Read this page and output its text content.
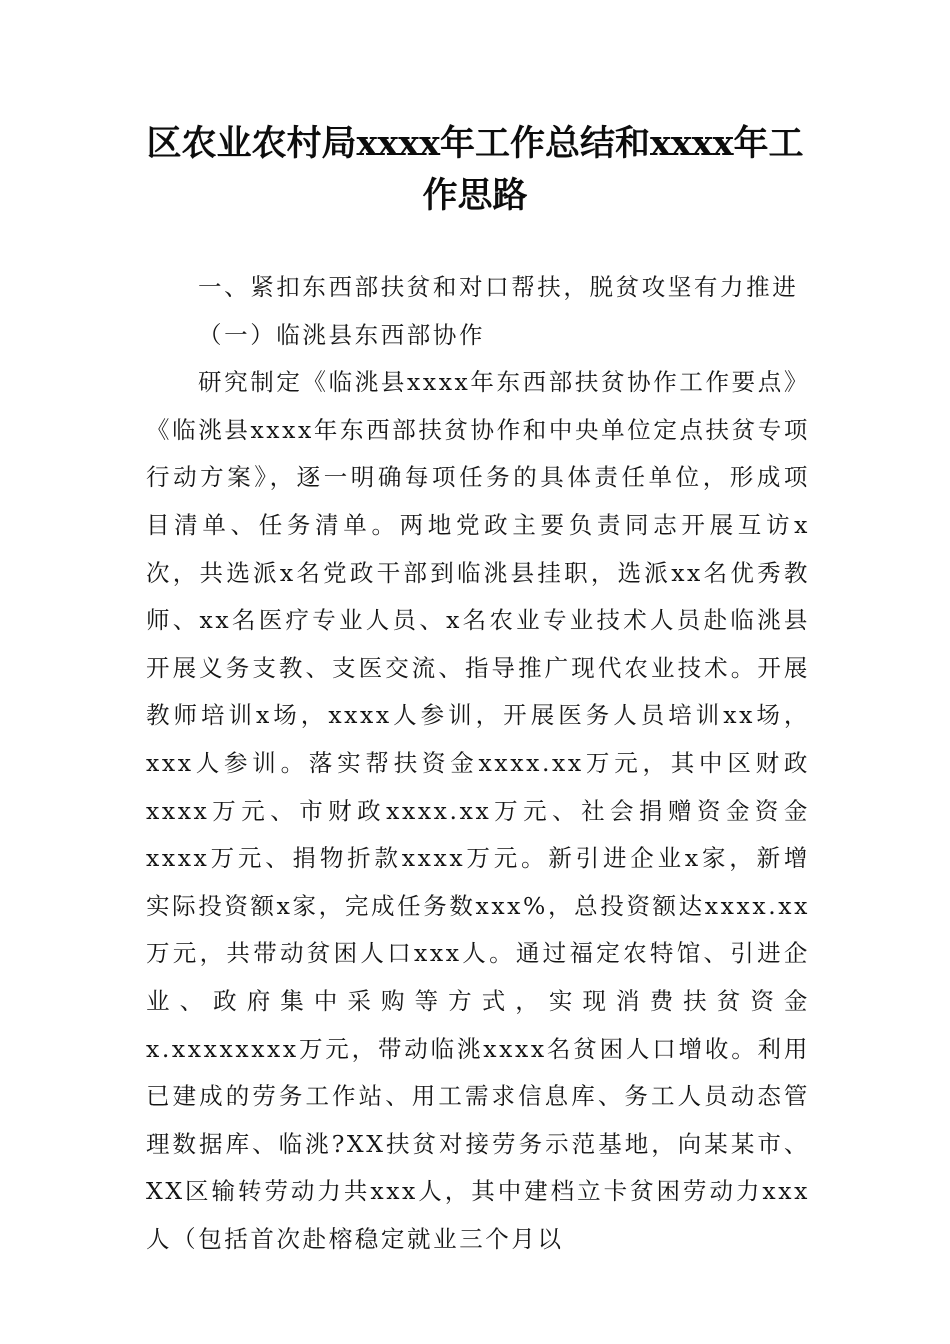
区农业农村局xxxx年工作总结和xxxx年工作思路

一、紧扣东西部扶贫和对口帮扶，脱贫攻坚有力推进

（一）临洮县东西部协作

研究制定《临洮县xxxx年东西部扶贫协作工作要点》《临洮县xxxx年东西部扶贫协作和中央单位定点扶贫专项行动方案》，逐一明确每项任务的具体责任单位，形成项目清单、任务清单。两地党政主要负责同志开展互访x次，共选派x名党政干部到临洮县挂职，选派xx名优秀教师、xx名医疗专业人员、x名农业专业技术人员赴临洮县开展义务支教、支医交流、指导推广现代农业技术。开展教师培训x场，xxxx人参训，开展医务人员培训xx场，xxx人参训。落实帮扶资金xxxx.xx万元，其中区财政xxxx万元、市财政xxxx.xx万元、社会捐赠资金资金xxxx万元、捐物折款xxxx万元。新引进企业x家，新增实际投资额x家，完成任务数xxx%，总投资额达xxxx.xx万元，共带动贫困人口xxx人。通过福定农特馆、引进企业、政府集中采购等方式，实现消费扶贫资金x.xxxxxxxx万元，带动临洮xxxx名贫困人口增收。利用已建成的劳务工作站、用工需求信息库、务工人员动态管理数据库、临洮?XX扶贫对接劳务示范基地，向某某市、XX区输转劳动力共xxx人，其中建档立卡贫困劳动力xxx人（包括首次赴榕稳定就业三个月以
